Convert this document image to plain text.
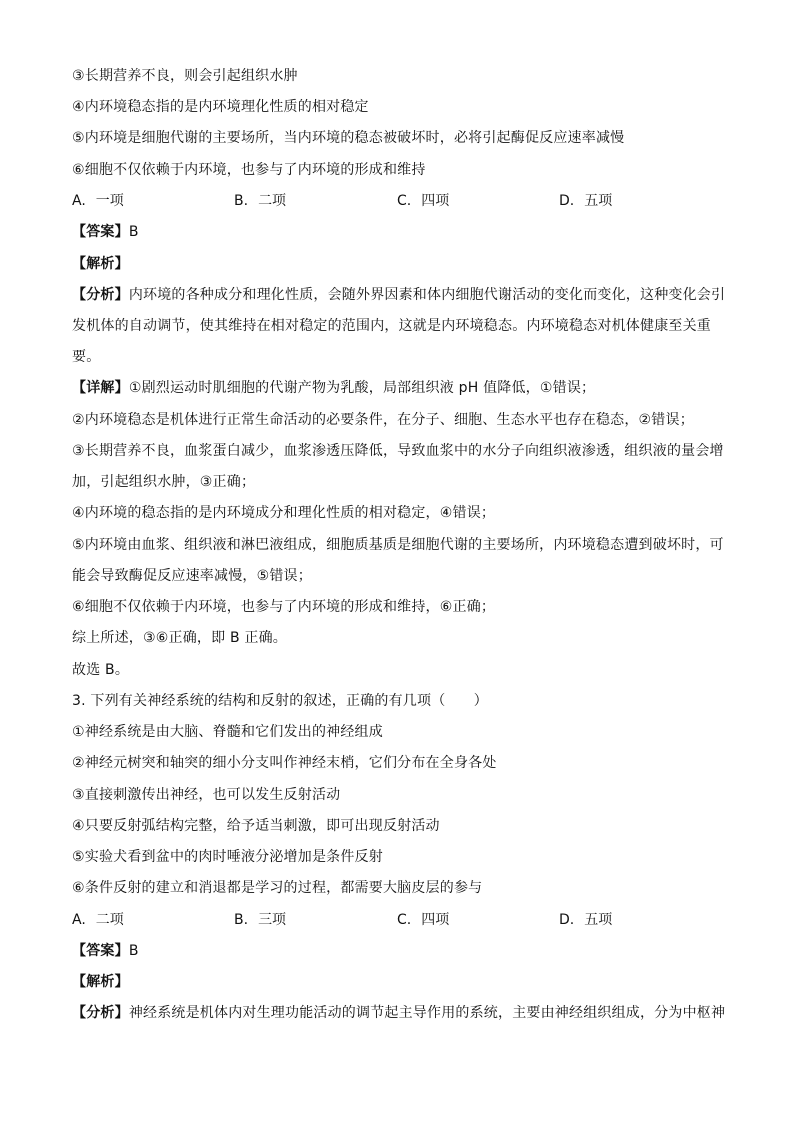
③长期营养不良，则会引起组织水肿
④内环境稳态指的是内环境理化性质的相对稳定
⑤内环境是细胞代谢的主要场所，当内环境的稳态被破坏时，必将引起酶促反应速率减慢
⑥细胞不仅依赖于内环境，也参与了内环境的形成和维持
A. 一项	B. 二项	C. 四项	D. 五项
【答案】B
【解析】
【分析】内环境的各种成分和理化性质，会随外界因素和体内细胞代谢活动的变化而变化，这种变化会引
发机体的自动调节，使其维持在相对稳定的范围内，这就是内环境稳态。内环境稳态对机体健康至关重
要。
【详解】①剧烈运动时肌细胞的代谢产物为乳酸，局部组织液 pH 值降低，①错误；
②内环境稳态是机体进行正常生命活动的必要条件，在分子、细胞、生态水平也存在稳态，②错误；
③长期营养不良，血浆蛋白减少，血浆渗透压降低，导致血浆中的水分子向组织液渗透，组织液的量会增
加，引起组织水肿，③正确；
④内环境的稳态指的是内环境成分和理化性质的相对稳定，④错误；
⑤内环境由血浆、组织液和淋巴液组成，细胞质基质是细胞代谢的主要场所，内环境稳态遭到破坏时，可
能会导致酶促反应速率减慢，⑤错误；
⑥细胞不仅依赖于内环境，也参与了内环境的形成和维持，⑥正确；
综上所述，③⑥正确，即 B 正确。
故选 B。
3. 下列有关神经系统的结构和反射的叙述，正确的有几项（　　）
①神经系统是由大脑、脊髓和它们发出的神经组成
②神经元树突和轴突的细小分支叫作神经末梢，它们分布在全身各处
③直接刺激传出神经，也可以发生反射活动
④只要反射弧结构完整，给予适当刺激，即可出现反射活动
⑤实验犬看到盆中的肉时唾液分泌增加是条件反射
⑥条件反射的建立和消退都是学习的过程，都需要大脑皮层的参与
A. 二项	B. 三项	C. 四项	D. 五项
【答案】B
【解析】
【分析】神经系统是机体内对生理功能活动的调节起主导作用的系统，主要由神经组织组成，分为中枢神
